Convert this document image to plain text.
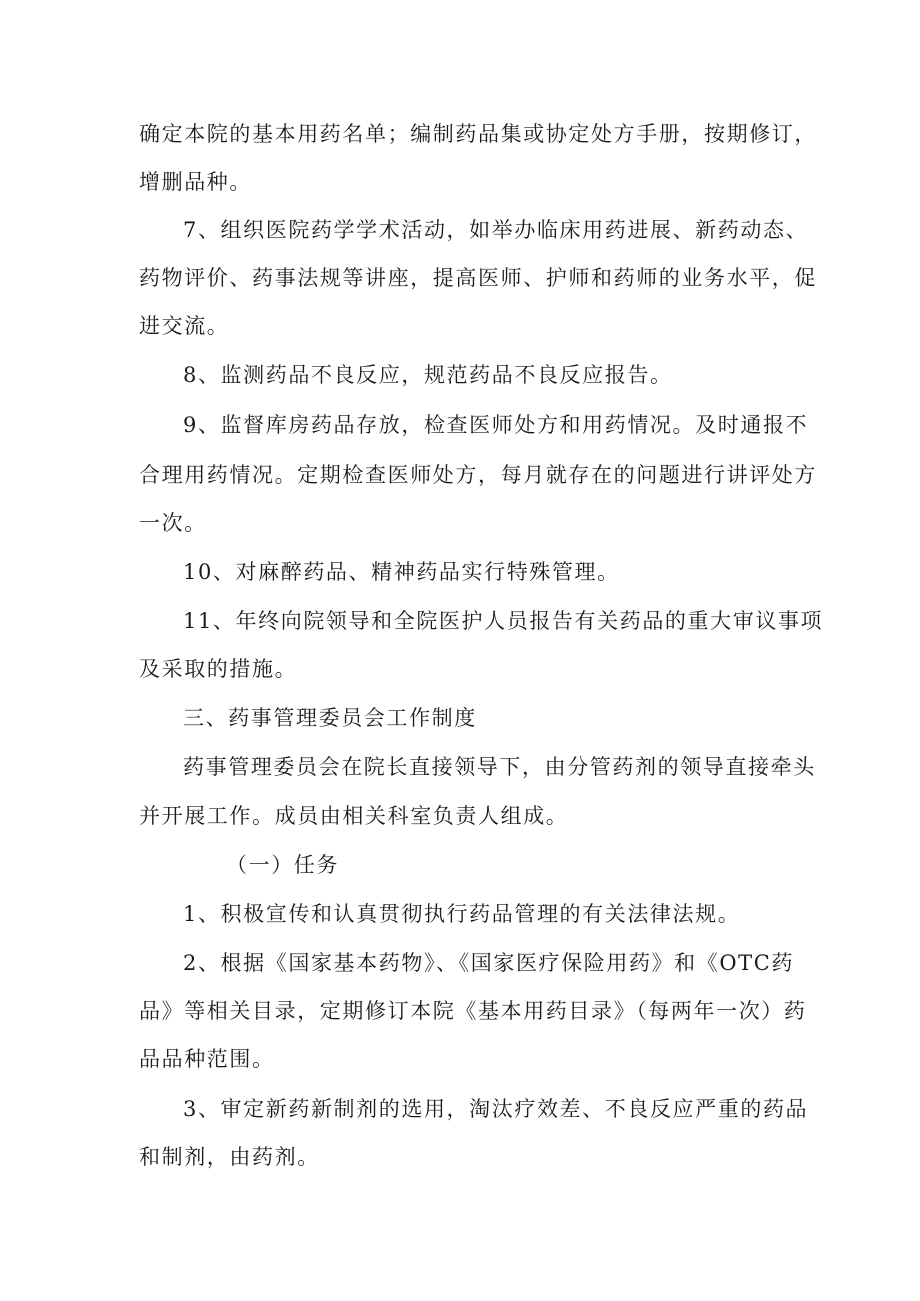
确定本院的基本用药名单；编制药品集或协定处方手册，按期修订，
增删品种。
7、组织医院药学学术活动，如举办临床用药进展、新药动态、
药物评价、药事法规等讲座，提高医师、护师和药师的业务水平，促
进交流。
8、监测药品不良反应，规范药品不良反应报告。
9、监督库房药品存放，检查医师处方和用药情况。及时通报不
合理用药情况。定期检查医师处方，每月就存在的问题进行讲评处方
一次。
10、对麻醉药品、精神药品实行特殊管理。
11、年终向院领导和全院医护人员报告有关药品的重大审议事项
及采取的措施。
三、药事管理委员会工作制度
药事管理委员会在院长直接领导下，由分管药剂的领导直接牵头
并开展工作。成员由相关科室负责人组成。
（一）任务
1、积极宣传和认真贯彻执行药品管理的有关法律法规。
2、根据《国家基本药物》、《国家医疗保险用药》和《OTC药
品》等相关目录，定期修订本院《基本用药目录》（每两年一次）药
品品种范围。
3、审定新药新制剂的选用，淘汰疗效差、不良反应严重的药品
和制剂，由药剂。
